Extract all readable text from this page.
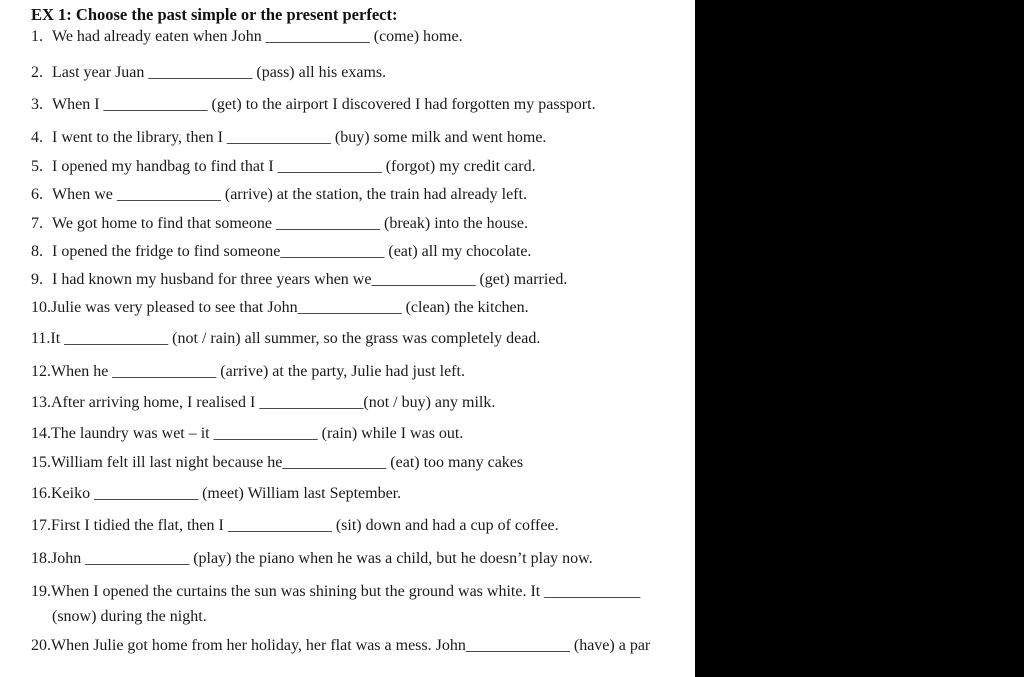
EX 1: Choose the past simple or the present perfect:
1. We had already eaten when John _____________ (come) home.
2. Last year Juan _____________ (pass) all his exams.
3. When I _____________ (get) to the airport I discovered I had forgotten my passport.
4. I went to the library, then I _____________ (buy) some milk and went home.
5. I opened my handbag to find that I _____________ (forgot) my credit card.
6. When we _____________ (arrive) at the station, the train had already left.
7. We got home to find that someone _____________ (break) into the house.
8. I opened the fridge to find someone_____________ (eat) all my chocolate.
9. I had known my husband for three years when we_____________ (get) married.
10.Julie was very pleased to see that John_____________ (clean) the kitchen.
11.It _____________ (not / rain) all summer, so the grass was completely dead.
12.When he _____________ (arrive) at the party, Julie had just left.
13.After arriving home, I realised I _____________(not / buy) any milk.
14.The laundry was wet – it _____________ (rain) while I was out.
15.William felt ill last night because he_____________ (eat) too many cakes
16.Keiko _____________ (meet) William last September.
17.First I tidied the flat, then I _____________ (sit) down and had a cup of coffee.
18.John _____________ (play) the piano when he was a child, but he doesn’t play now.
19.When I opened the curtains the sun was shining but the ground was white. It ____________
(snow) during the night.
20.When Julie got home from her holiday, her flat was a mess. John_____________ (have) a par
